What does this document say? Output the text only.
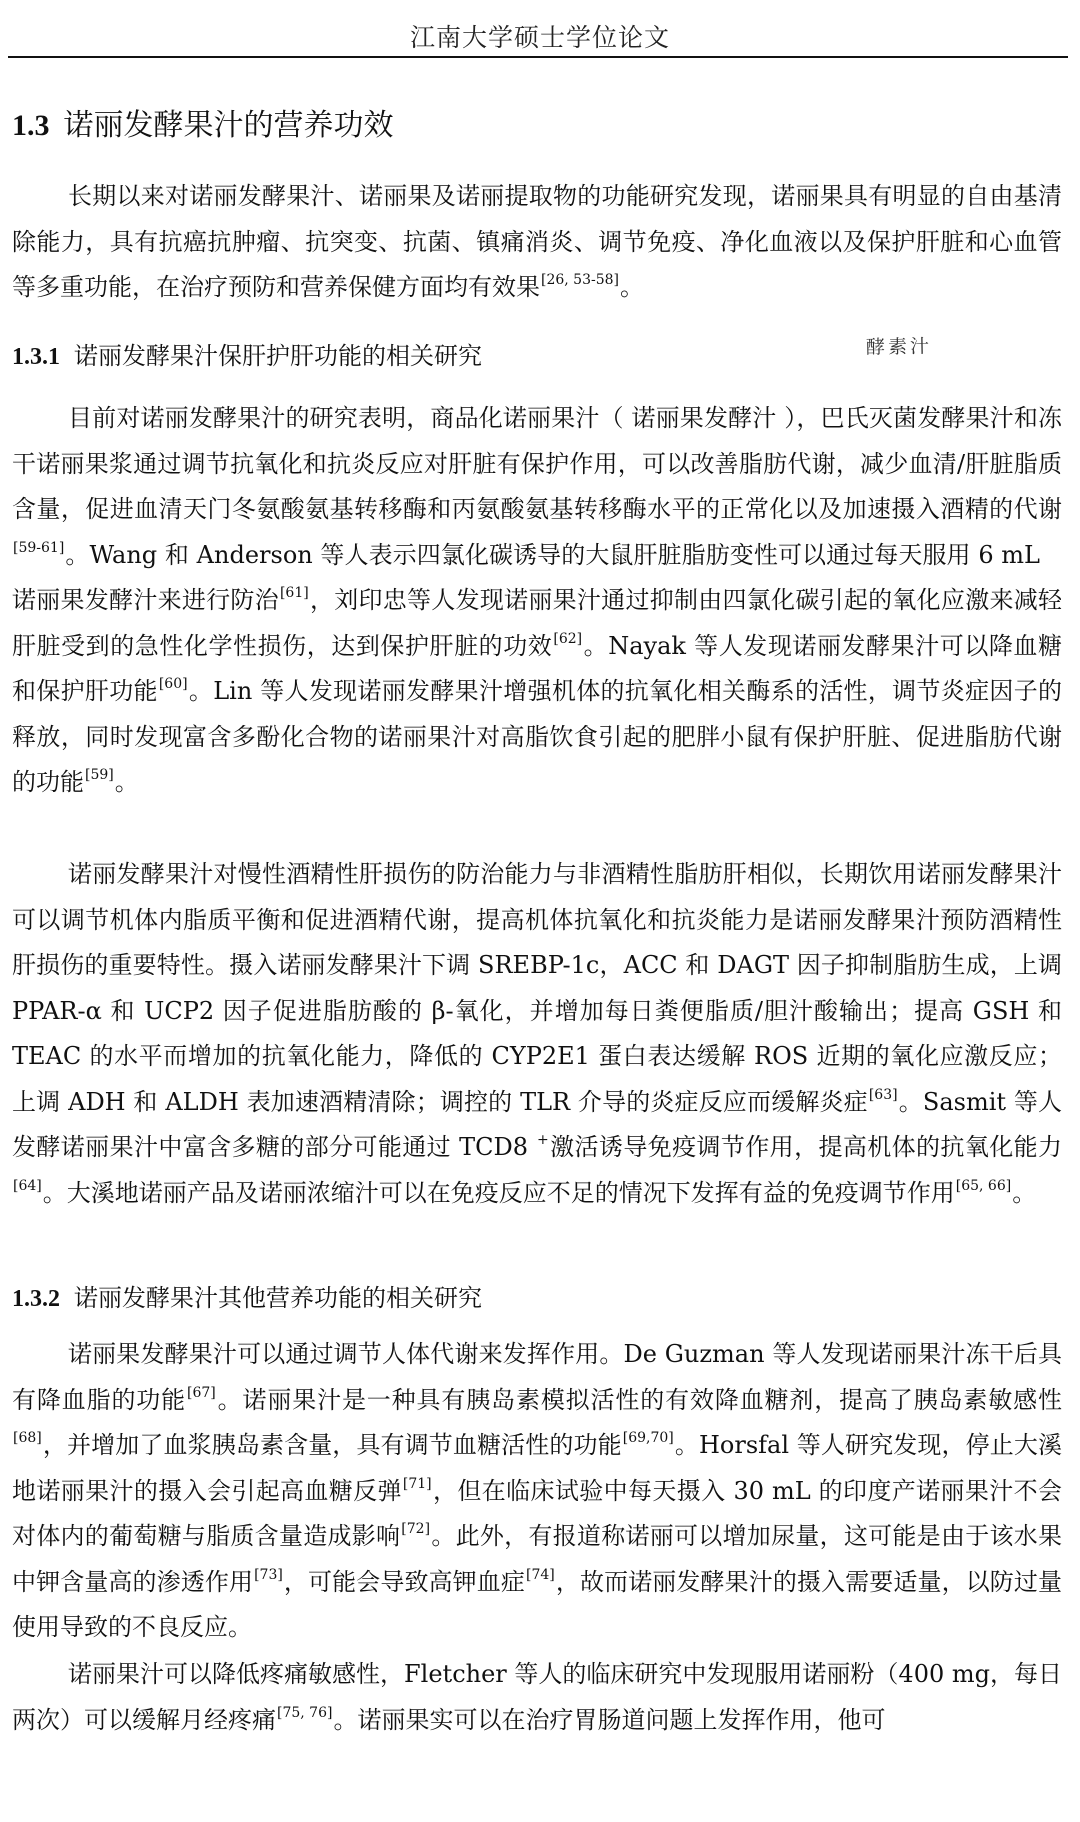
江南大学硕士学位论文
1.3 诺丽发酵果汁的营养功效

长期以来对诺丽发酵果汁、诺丽果及诺丽提取物的功能研究发现，诺丽果具有明显的自由基清除能力，具有抗癌抗肿瘤、抗突变、抗菌、镇痛消炎、调节免疫、净化血液以及保护肝脏和心血管等多重功能，在治疗预防和营养保健方面均有效果[26, 53-58]。

1.3.1 诺丽发酵果汁保肝护肝功能的相关研究	酵素汁

目前对诺丽发酵果汁的研究表明，商品化诺丽果汁（ 诺丽果发酵汁 ），巴氏灭菌发酵果汁和冻干诺丽果浆通过调节抗氧化和抗炎反应对肝脏有保护作用，可以改善脂肪代谢，减少血清/肝脏脂质含量，促进血清天门冬氨酸氨基转移酶和丙氨酸氨基转移酶水平的正常化以及加速摄入酒精的代谢[59-61]。Wang 和 Anderson 等人表示四氯化碳诱导的大鼠肝脏脂肪变性可以通过每天服用 6 mL诺丽果发酵汁来进行防治[61]，刘印忠等人发现诺丽果汁通过抑制由四氯化碳引起的氧化应激来减轻肝脏受到的急性化学性损伤，达到保护肝脏的功效[62]。Nayak 等人发现诺丽发酵果汁可以降血糖和保护肝功能[60]。Lin 等人发现诺丽发酵果汁增强机体的抗氧化相关酶系的活性，调节炎症因子的释放，同时发现富含多酚化合物的诺丽果汁对高脂饮食引起的肥胖小鼠有保护肝脏、促进脂肪代谢的功能[59]。

诺丽发酵果汁对慢性酒精性肝损伤的防治能力与非酒精性脂肪肝相似，长期饮用诺丽发酵果汁可以调节机体内脂质平衡和促进酒精代谢，提高机体抗氧化和抗炎能力是诺丽发酵果汁预防酒精性肝损伤的重要特性。摄入诺丽发酵果汁下调 SREBP-1c，ACC 和 DAGT 因子抑制脂肪生成，上调 PPAR-α 和 UCP2 因子促进脂肪酸的 β-氧化，并增加每日粪便脂质/胆汁酸输出；提高 GSH 和 TEAC 的水平而增加的抗氧化能力，降低的 CYP2E1 蛋白表达缓解 ROS 近期的氧化应激反应；上调 ADH 和 ALDH 表加速酒精清除；调控的 TLR 介导的炎症反应而缓解炎症[63]。Sasmit 等人发酵诺丽果汁中富含多糖的部分可能通过 TCD8 +激活诱导免疫调节作用，提高机体的抗氧化能力[64]。大溪地诺丽产品及诺丽浓缩汁可以在免疫反应不足的情况下发挥有益的免疫调节作用[65, 66]。

1.3.2 诺丽发酵果汁其他营养功能的相关研究

诺丽果发酵果汁可以通过调节人体代谢来发挥作用。De Guzman 等人发现诺丽果汁冻干后具有降血脂的功能[67]。诺丽果汁是一种具有胰岛素模拟活性的有效降血糖剂，提高了胰岛素敏感性[68]，并增加了血浆胰岛素含量，具有调节血糖活性的功能[69,70]。Horsfal 等人研究发现，停止大溪地诺丽果汁的摄入会引起高血糖反弹[71]，但在临床试验中每天摄入 30 mL 的印度产诺丽果汁不会对体内的葡萄糖与脂质含量造成影响[72]。此外，有报道称诺丽可以增加尿量，这可能是由于该水果中钾含量高的渗透作用[73]，可能会导致高钾血症[74]，故而诺丽发酵果汁的摄入需要适量，以防过量使用导致的不良反应。

诺丽果汁可以降低疼痛敏感性，Fletcher 等人的临床研究中发现服用诺丽粉（400 mg，每日两次）可以缓解月经疼痛[75, 76]。诺丽果实可以在治疗胃肠道问题上发挥作用，他可
